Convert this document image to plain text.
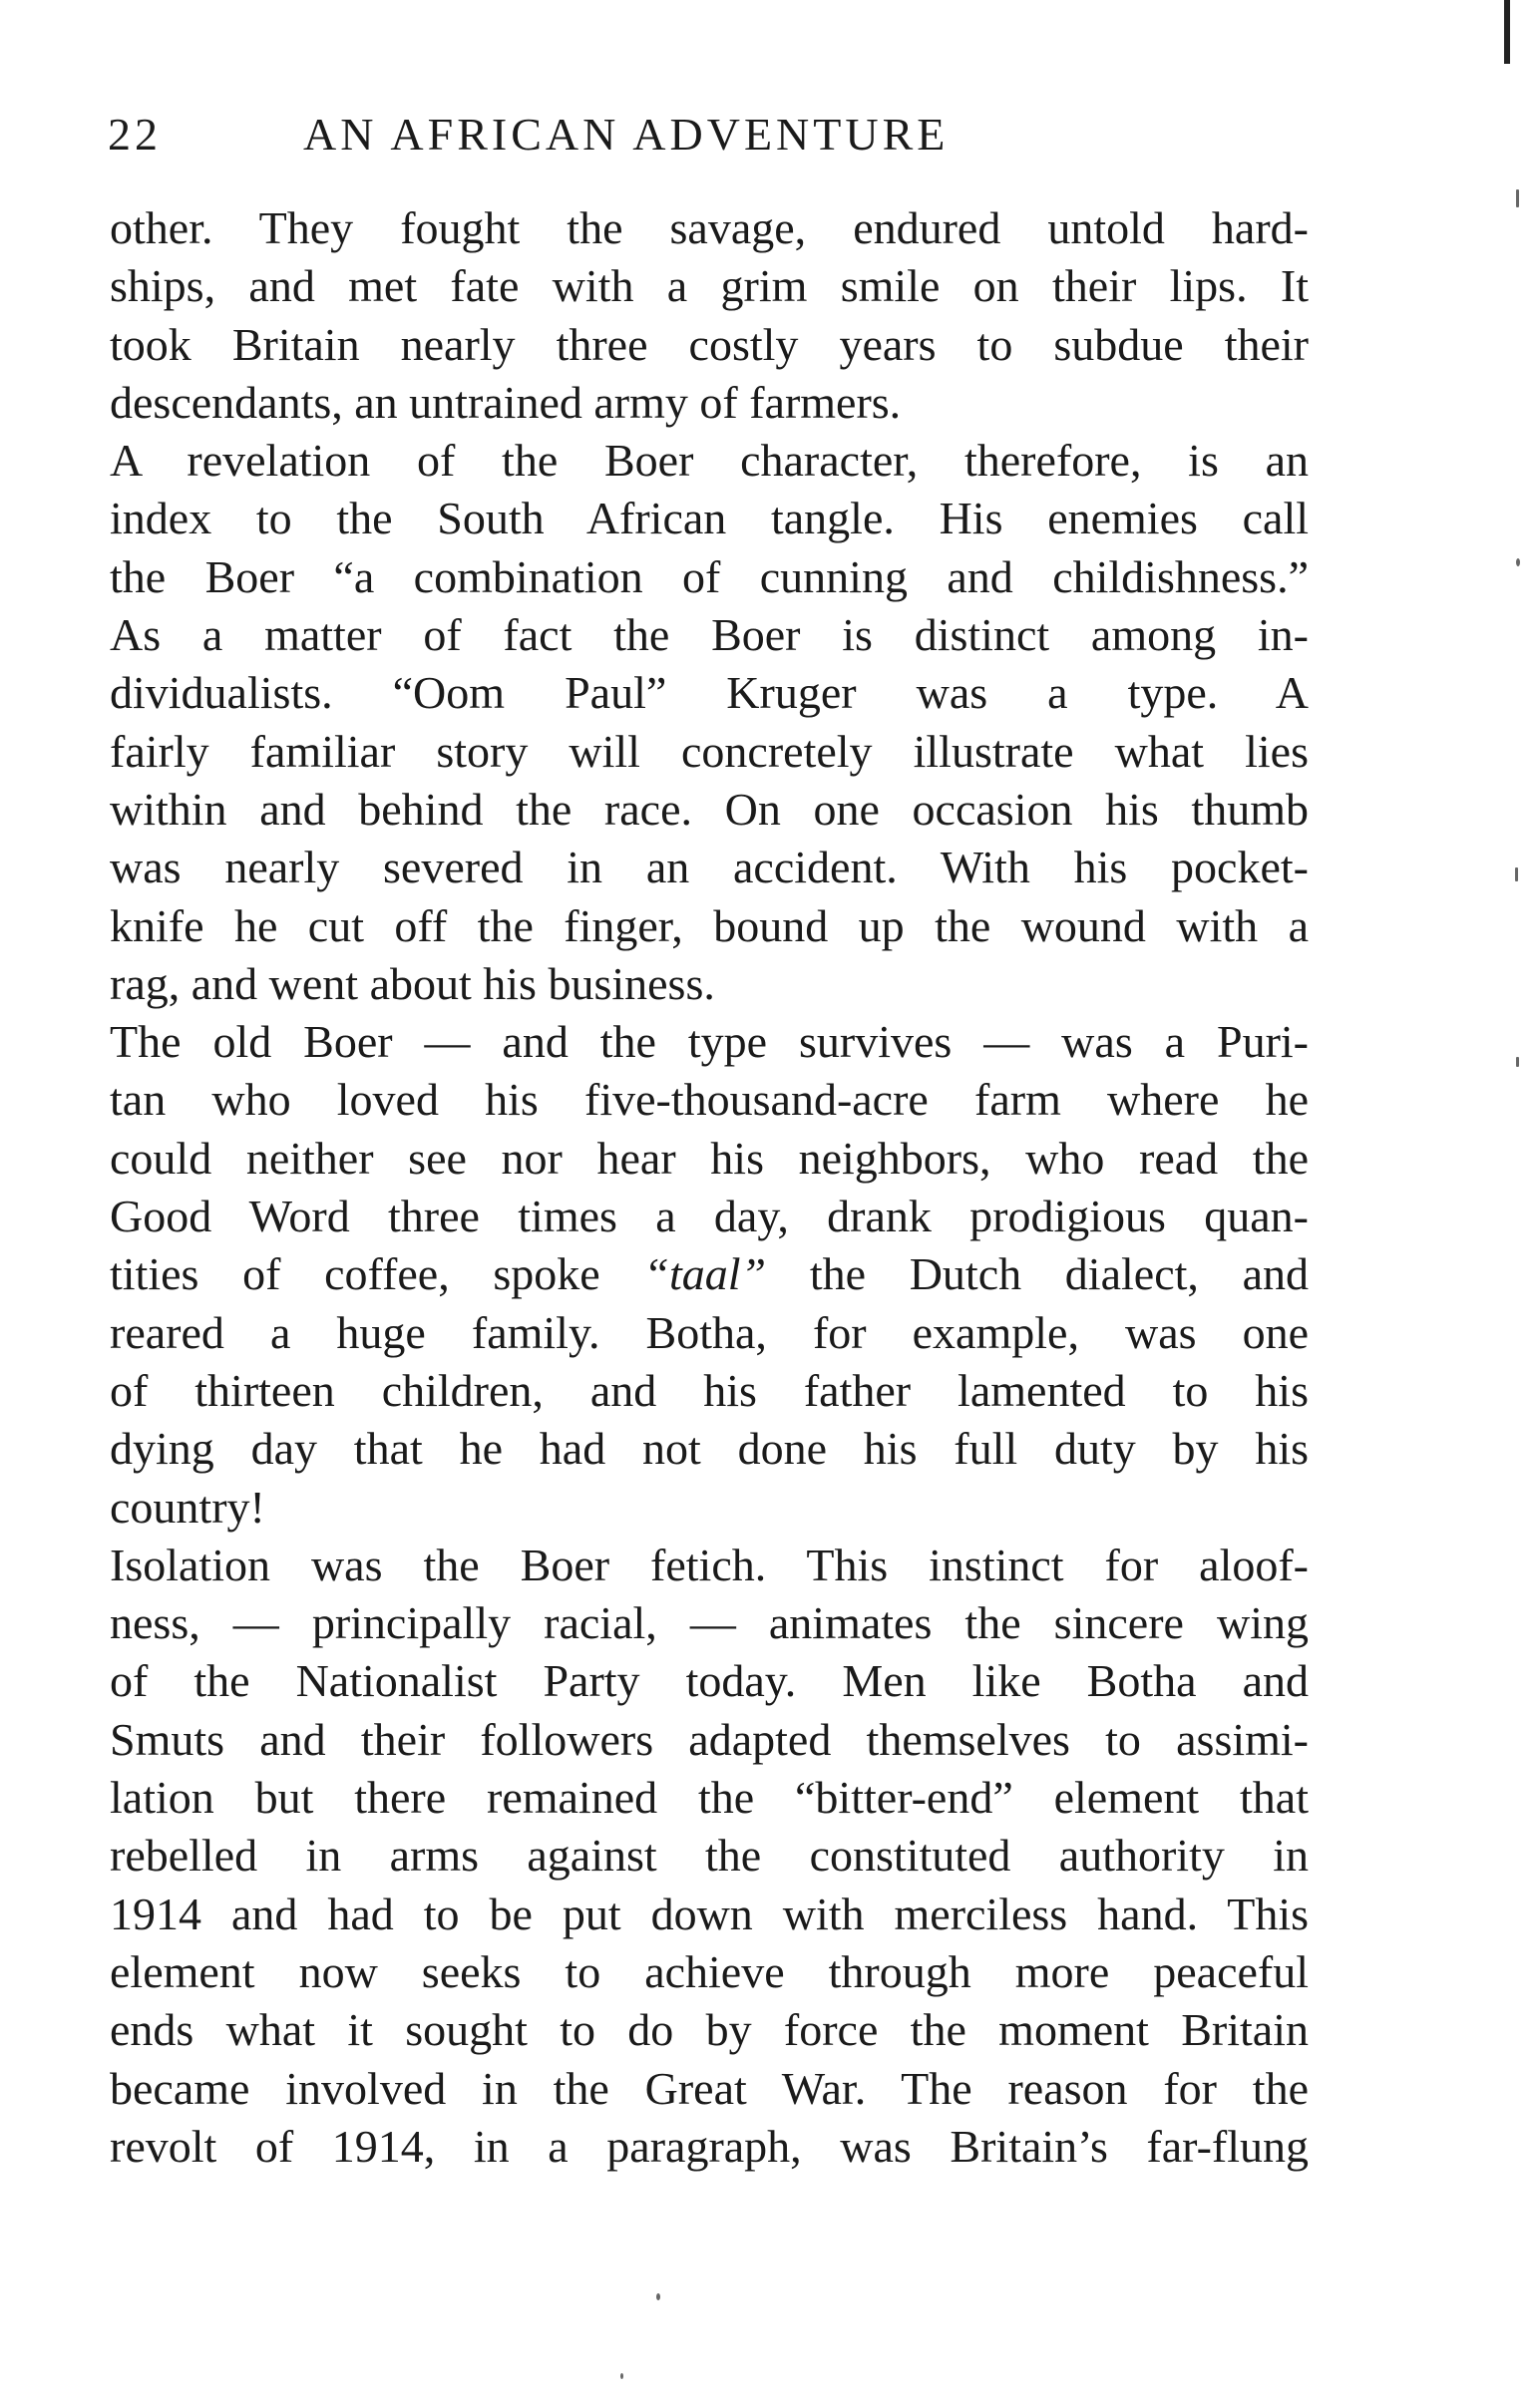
22	AN AFRICAN ADVENTURE
other. They fought the savage, endured untold hard-
ships, and met fate with a grim smile on their lips. It
took Britain nearly three costly years to subdue their
descendants, an untrained army of farmers.
A revelation of the Boer character, therefore, is an
index to the South African tangle. His enemies call
the Boer “a combination of cunning and childishness.”
As a matter of fact the Boer is distinct among in-
dividualists. “Oom Paul” Kruger was a type. A
fairly familiar story will concretely illustrate what lies
within and behind the race. On one occasion his thumb
was nearly severed in an accident. With his pocket-
knife he cut off the finger, bound up the wound with a
rag, and went about his business.
The old Boer — and the type survives — was a Puri-
tan who loved his five-thousand-acre farm where he
could neither see nor hear his neighbors, who read the
Good Word three times a day, drank prodigious quan-
tities of coffee, spoke “taal” the Dutch dialect, and
reared a huge family. Botha, for example, was one
of thirteen children, and his father lamented to his
dying day that he had not done his full duty by his
country!
Isolation was the Boer fetich. This instinct for aloof-
ness, — principally racial, — animates the sincere wing
of the Nationalist Party today. Men like Botha and
Smuts and their followers adapted themselves to assimi-
lation but there remained the “bitter-end” element that
rebelled in arms against the constituted authority in
1914 and had to be put down with merciless hand. This
element now seeks to achieve through more peaceful
ends what it sought to do by force the moment Britain
became involved in the Great War. The reason for the
revolt of 1914, in a paragraph, was Britain’s far-flung
